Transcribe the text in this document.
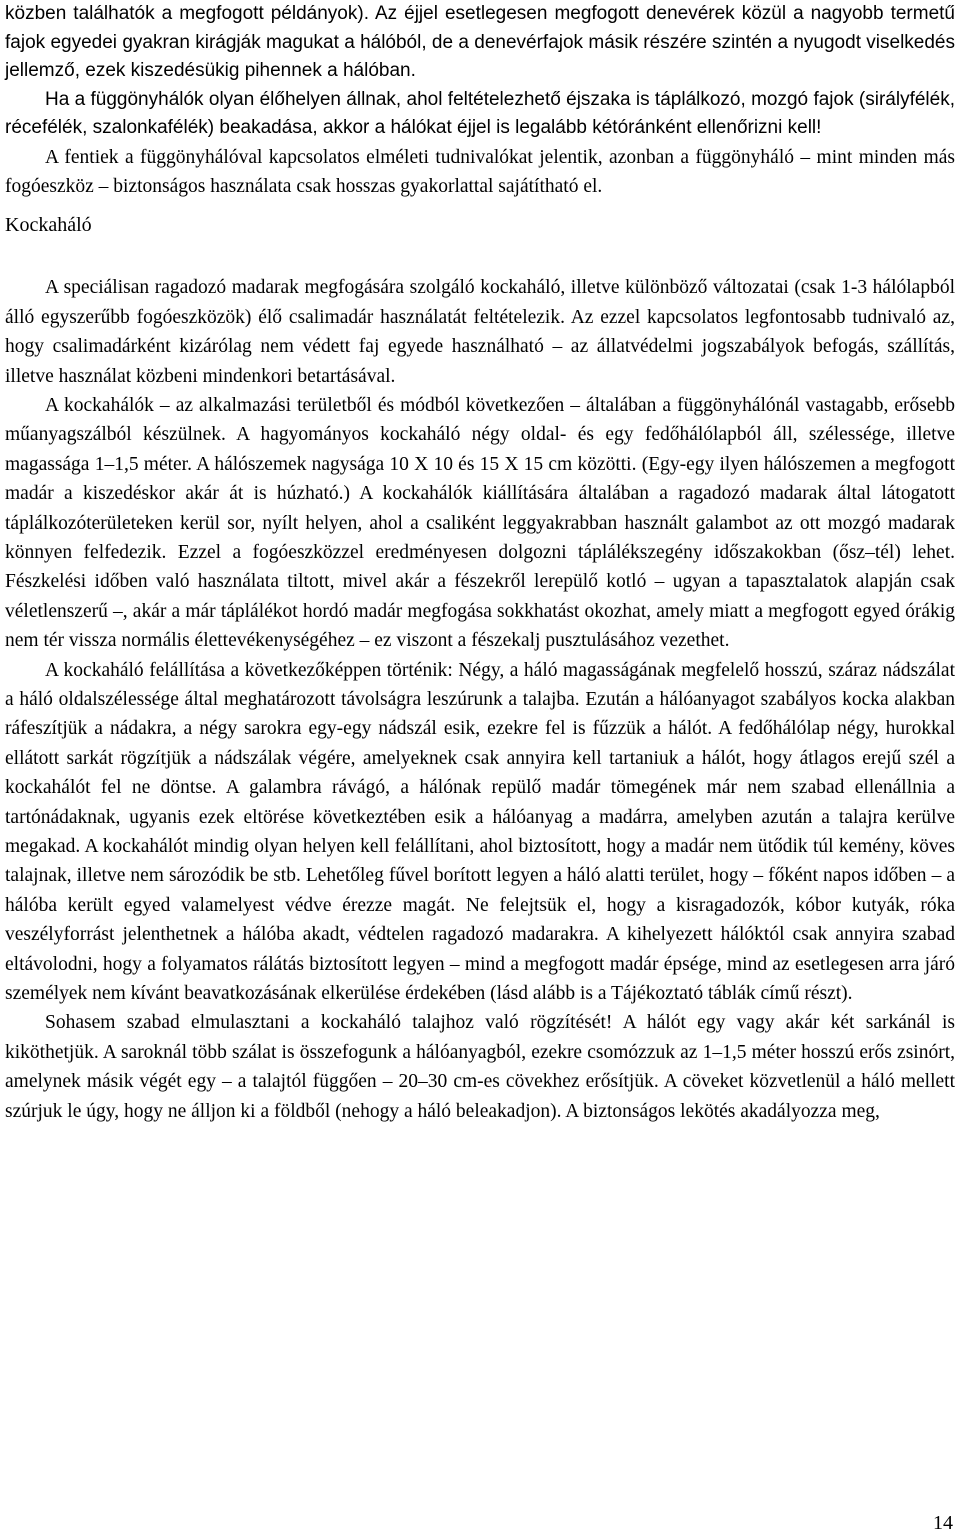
közben találhatók a megfogott példányok). Az éjjel esetlegesen megfogott denevérek közül a nagyobb termetű fajok egyedei gyakran kirágják magukat a hálóból, de a denevérfajok másik részére szintén a nyugodt viselkedés jellemző, ezek kiszedésükig pihennek a hálóban.

Ha a függönyhálók olyan élőhelyen állnak, ahol feltételezhető éjszaka is táplálkozó, mozgó fajok (sirályfélék, récefélék, szalonkafélék) beakadása, akkor a hálókat éjjel is legalább kétóránként ellenőrizni kell!

A fentiek a függönyhálóval kapcsolatos elméleti tudnivalókat jelentik, azonban a függönyháló – mint minden más fogóeszköz – biztonságos használata csak hosszas gyakorlattal sajátítható el.

Kockaháló

A speciálisan ragadozó madarak megfogására szolgáló kockaháló, illetve különböző változatai (csak 1-3 hálólapból álló egyszerűbb fogóeszközök) élő csalimadár használatát feltételezik. Az ezzel kapcsolatos legfontosabb tudnivaló az, hogy csalimadárként kizárólag nem védett faj egyede használható – az állatvédelmi jogszabályok befogás, szállítás, illetve használat közbeni mindenkori betartásával.

A kockahálók – az alkalmazási területből és módból következően – általában a függönyhálónál vastagabb, erősebb műanyagszálból készülnek. A hagyományos kockaháló négy oldal- és egy fedőhálólapból áll, szélessége, illetve magassága 1–1,5 méter. A hálószemek nagysága 10 X 10 és 15 X 15 cm közötti. (Egy-egy ilyen hálószemen a megfogott madár a kiszedéskor akár át is húzható.) A kockahálók kiállítására általában a ragadozó madarak által látogatott táplálkozóterületeken kerül sor, nyílt helyen, ahol a csaliként leggyakrabban használt galambot az ott mozgó madarak könnyen felfedezik. Ezzel a fogóeszközzel eredményesen dolgozni táplálékszegény időszakokban (ősz–tél) lehet. Fészkelési időben való használata tiltott, mivel akár a fészekről lerepülő kotló – ugyan a tapasztalatok alapján csak véletlenszerű –, akár a már táplálékot hordó madár megfogása sokkhatást okozhat, amely miatt a megfogott egyed órákig nem tér vissza normális élettevékenységéhez – ez viszont a fészekalj pusztulásához vezethet.

A kockaháló felállítása a következőképpen történik: Négy, a háló magasságának megfelelő hosszú, száraz nádszálat a háló oldalszélessége által meghatározott távolságra leszúrunk a talajba. Ezután a hálóanyagot szabályos kocka alakban ráfeszítjük a nádakra, a négy sarokra egy-egy nádszál esik, ezekre fel is fűzzük a hálót. A fedőhálólap négy, hurokkal ellátott sarkát rögzítjük a nádszálak végére, amelyeknek csak annyira kell tartaniuk a hálót, hogy átlagos erejű szél a kockahálót fel ne döntse. A galambra rávágó, a hálónak repülő madár tömegének már nem szabad ellenállnia a tartónádaknak, ugyanis ezek eltörése következtében esik a hálóanyag a madárra, amelyben azután a talajra kerülve megakad. A kockahálót mindig olyan helyen kell felállítani, ahol biztosított, hogy a madár nem ütődik túl kemény, köves talajnak, illetve nem sározódik be stb. Lehetőleg fűvel borított legyen a háló alatti terület, hogy – főként napos időben – a hálóba került egyed valamelyest védve érezze magát. Ne felejtsük el, hogy a kisragadozók, kóbor kutyák, róka veszélyforrást jelenthetnek a hálóba akadt, védtelen ragadozó madarakra. A kihelyezett hálóktól csak annyira szabad eltávolodni, hogy a folyamatos rálátás biztosított legyen – mind a megfogott madár épsége, mind az esetlegesen arra járó személyek nem kívánt beavatkozásának elkerülése érdekében (lásd alább is a Tájékoztató táblák című részt).

Sohasem szabad elmulasztani a kockaháló talajhoz való rögzítését! A hálót egy vagy akár két sarkánál is kiköthetjük. A saroknál több szálat is összefogunk a hálóanyagból, ezekre csomózzuk az 1–1,5 méter hosszú erős zsinórt, amelynek másik végét egy – a talajtól függően – 20–30 cm-es cövekhez erősítjük. A cöveket közvetlenül a háló mellett szúrjuk le úgy, hogy ne álljon ki a földből (nehogy a háló beleakadjon). A biztonságos lekötés akadályozza meg,

14
